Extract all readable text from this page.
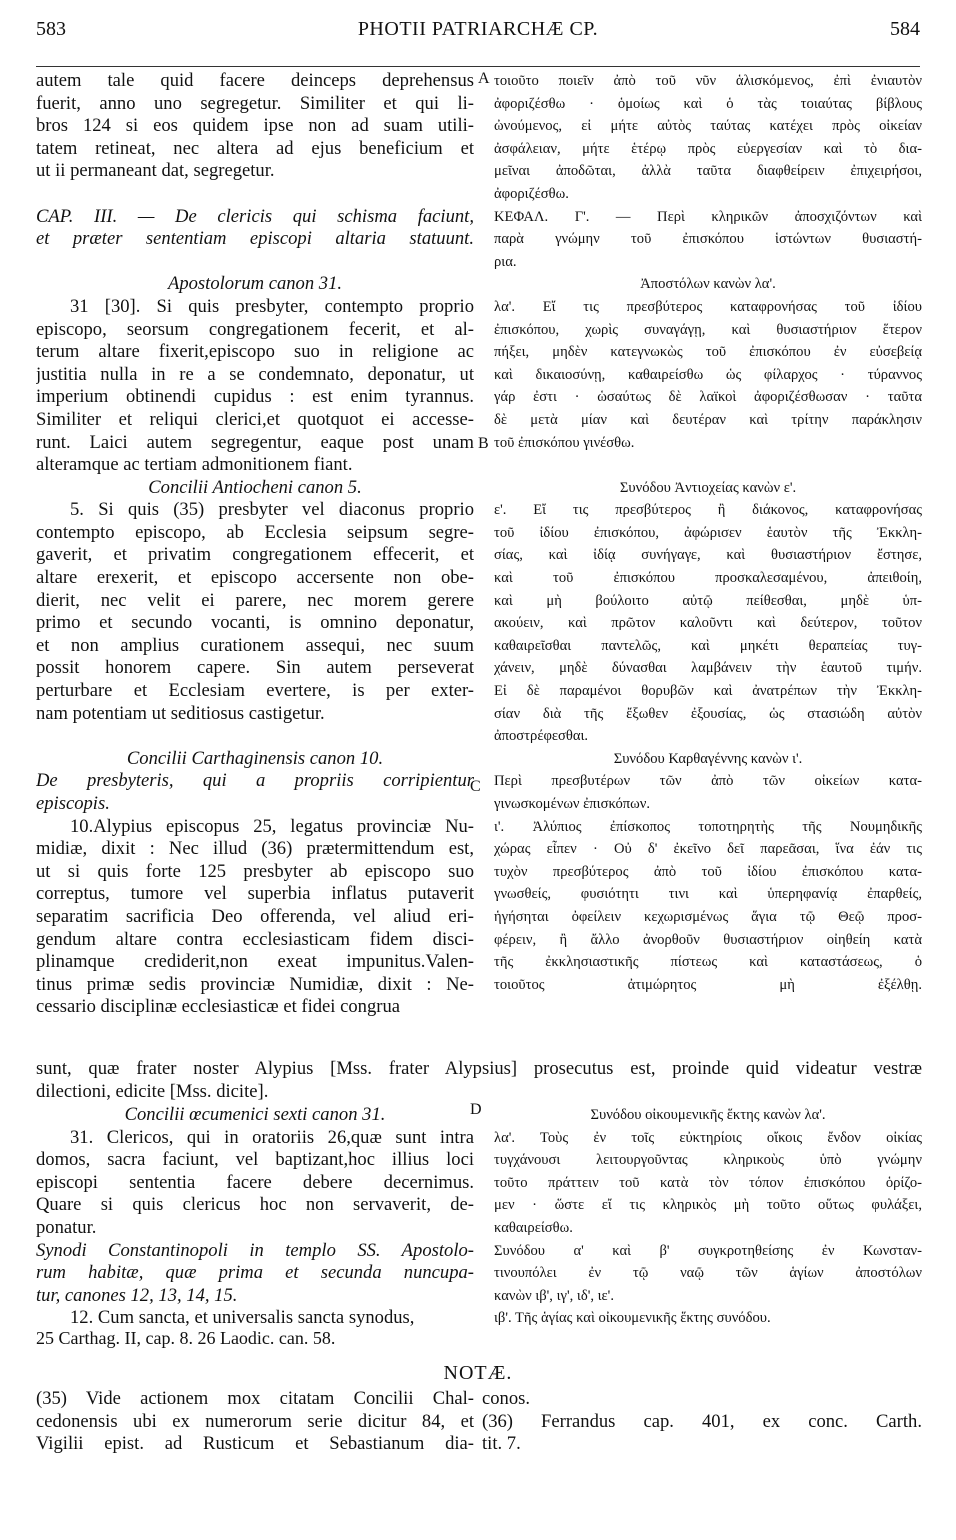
583	PHOTII PATRIARCHÆ CP.	584
autem tale quid facere deinceps deprehensus
fuerit, anno uno segregetur. Similiter et qui li-
bros 124 si eos quidem ipse non ad suam utili-
tatem retineat, nec altera ad ejus beneficium et
ut ii permaneant dat, segregetur.

CAP. III. — De clericis qui schisma faciunt,
et præter sententiam episcopi altaria statuunt.

Apostolorum canon 31.
31 [30]. Si quis presbyter, contempto proprio
episcopo, seorsum congregationem fecerit, et al-
terum altare fixerit,episcopo suo in religione ac
justitia nulla in re a se condemnato, deponatur, ut
imperium obtinendi cupidus : est enim tyrannus.
Similiter et reliqui clerici,et quotquot ei accesse-
runt. Laici autem segregentur, eaque post unam
alteramque ac tertiam admonitionem fiant.
Concilii Antiocheni canon 5.
5. Si quis (35) presbyter vel diaconus proprio
contempto episcopo, ab Ecclesia seipsum segre-
gaverit, et privatim congregationem effecerit, et
altare erexerit, et episcopo accersente non obe-
dierit, nec velit ei parere, nec morem gerere
primo et secundo vocanti, is omnino deponatur,
et non amplius curationem assequi, nec suum
possit honorem capere. Sin autem perseverat
perturbare et Ecclesiam evertere, is per exter-
nam potentiam ut seditiosus castigetur.

Concilii Carthaginensis canon 10.
De presbyteris, qui a propriis corripientur
episcopis.
10.Alypius episcopus 25, legatus provinciæ Nu-
midiæ, dixit : Nec illud (36) prætermittendum est,
ut si quis forte 125 presbyter ab episcopo suo
correptus, tumore vel superbia inflatus putaverit
separatim sacrificia Deo offerenda, vel aliud eri-
gendum altare contra ecclesiasticam fidem disci-
plinamque crediderit,non exeat impunitus.Valen-
tinus primæ sedis provinciæ Numidiæ, dixit : Ne-
cessario disciplinæ ecclesiasticæ et fidei congrua
τοιοῦτο ποιεῖν ἀπὸ τοῦ νῦν ἁλισκόμενος, ἐπὶ ἐνιαυτὸν
ἀφοριζέσθω · ὁμοίως καὶ ὁ τὰς τοιαύτας βίβλους
ὠνούμενος, εἰ μήτε αὐτὸς ταύτας κατέχει πρὸς οἰκείαν
ἀσφάλειαν, μήτε ἑτέρῳ πρὸς εὐεργεσίαν καὶ τὸ δια-
μεῖναι ἀποδῶται, ἀλλὰ ταῦτα διαφθείρειν ἐπιχειρήσοι,
ἀφοριζέσθω.
ΚΕΦΑΛ. Γ'. — Περὶ κληρικῶν ἀποσχιζόντων καὶ
παρὰ γνώμην τοῦ ἐπισκόπου ἱστώντων θυσιαστή-
ρια.
Ἀποστόλων κανὼν λα'.
λα'. Εἴ τις πρεσβύτερος καταφρονήσας τοῦ ἰδίου
ἐπισκόπου, χωρὶς συναγάγῃ, καὶ θυσιαστήριον ἕτερον
πήξει, μηδὲν κατεγνωκὼς τοῦ ἐπισκόπου ἐν εὐσεβείᾳ
καὶ δικαιοσύνῃ, καθαιρείσθω ὡς φίλαρχος · τύραννος
γάρ ἐστι · ὡσαύτως δὲ λαϊκοὶ ἀφοριζέσθωσαν · ταῦτα
δὲ μετὰ μίαν καὶ δευτέραν καὶ τρίτην παράκλησιν
τοῦ ἐπισκόπου γινέσθω.

Συνόδου Ἀντιοχείας κανὼν ε'.
ε'. Εἴ τις πρεσβύτερος ἢ διάκονος, καταφρονήσας
τοῦ ἰδίου ἐπισκόπου, ἀφώρισεν ἑαυτὸν τῆς Ἐκκλη-
σίας, καὶ ἰδίᾳ συνήγαγε, καὶ θυσιαστήριον ἔστησε,
καὶ τοῦ ἐπισκόπου προσκαλεσαμένου, ἀπειθοίη,
καὶ μὴ βούλοιτο αὐτῷ πείθεσθαι, μηδὲ ὑπ-
ακούειν, καὶ πρῶτον καλοῦντι καὶ δεύτερον, τοῦτον
καθαιρεῖσθαι παντελῶς, καὶ μηκέτι θεραπείας τυγ-
χάνειν, μηδὲ δύνασθαι λαμβάνειν τὴν ἑαυτοῦ τιμήν.
Εἰ δὲ παραμένοι θορυβῶν καὶ ἀνατρέπων τὴν Ἐκκλη-
σίαν διὰ τῆς ἔξωθεν ἐξουσίας, ὡς στασιώδη αὐτὸν
ἀποστρέφεσθαι.
Συνόδου Καρθαγέννης κανὼν ι'.
Περὶ πρεσβυτέρων τῶν ἀπὸ τῶν οἰκείων κατα-
γινωσκομένων ἐπισκόπων.
ι'. Ἀλύπιος ἐπίσκοπος τοποτηρητὴς τῆς Νουμηδικῆς
χώρας εἶπεν · Οὐ δ' ἐκεῖνο δεῖ παρεᾶσαι, ἵνα ἐάν τις
τυχὸν πρεσβύτερος ἀπὸ τοῦ ἰδίου ἐπισκόπου κατα-
γνωσθείς, φυσιότητι τινι καὶ ὑπερηφανίᾳ ἐπαρθείς,
ἡγήσηται ὀφείλειν κεχωρισμένως ἅγια τῷ Θεῷ προσ-
φέρειν, ἢ ἄλλο ἀνορθοῦν θυσιαστήριον οἰηθείη κατὰ
τῆς ἐκκλησιαστικῆς πίστεως καὶ καταστάσεως, ὁ
τοιοῦτος ἀτιμώρητος μὴ ἐξέλθῃ.
A
B
C
D
sunt, quæ frater noster Alypius [Mss. frater Alypsius] prosecutus est, proinde quid videatur vestræ
dilectioni, edicite [Mss. dicite].
Concilii œcumenici sexti canon 31.
31. Clericos, qui in oratoriis 26,quæ sunt intra
domos, sacra faciunt, vel baptizant,hoc illius loci
episcopi sententia facere debere decernimus.
Quare si quis clericus hoc non servaverit, de-
ponatur.
Synodi Constantinopoli in templo SS. Apostolo-
rum habitæ, quæ prima et secunda nuncupa-
tur, canones 12, 13, 14, 15.
12. Cum sancta, et universalis sancta synodus,
Συνόδου οἰκουμενικῆς ἕκτης κανὼν λα'.
λα'. Τοὺς ἐν τοῖς εὐκτηρίοις οἴκοις ἔνδον οἰκίας
τυγχάνουσι λειτουργοῦντας κληρικοὺς ὑπὸ γνώμην
τοῦτο πράττειν τοῦ κατὰ τὸν τόπον ἐπισκόπου ὁρίζο-
μεν · ὥστε εἴ τις κληρικὸς μὴ τοῦτο οὕτως φυλάξει,
καθαιρείσθω.
Συνόδου α' καὶ β' συγκροτηθείσης ἐν Κωνσταν-
τινουπόλει ἐν τῷ ναῷ τῶν ἁγίων ἀποστόλων
κανὼν ιβ', ιγ', ιδ', ιε'.
ιβ'. Τῆς ἁγίας καὶ οἰκουμενικῆς ἕκτης συνόδου.
25 Carthag. II, cap. 8. 26 Laodic. can. 58.
NOTÆ.
(35) Vide actionem mox citatam Concilii Chal-
cedonensis ubi ex numerorum serie dicitur 84, et
Vigilii epist. ad Rusticum et Sebastianum dia-
conos.
(36) Ferrandus cap. 401, ex conc. Carth.
tit. 7.
